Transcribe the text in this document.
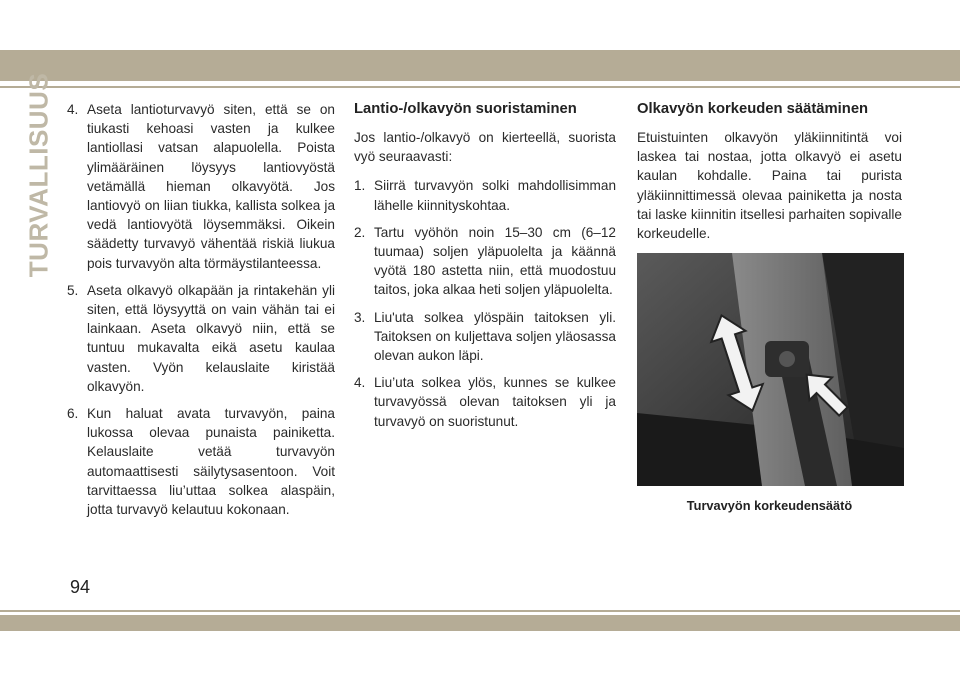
TURVALLISUUS 4. Aseta lantioturvavyö siten, että se on tiukasti kehoasi vasten ja kulkee lantiollasi vatsan alapuolella. Poista ylimääräinen löysyys lantiovyöstä vetämällä hieman olkavyötä. Jos lantiovyö on liian tiukka, kallista solkea ja vedä lantiovyötä löysemmäksi. Oikein säädetty turvavyö vähentää riskiä liukua pois turvavyön alta törmäystilanteessa.
5. Aseta olkavyö olkapään ja rintakehän yli siten, että löysyyttä on vain vähän tai ei lainkaan. Aseta olkavyö niin, että se tuntuu mukavalta eikä asetu kaulaa vasten. Vyön kelauslaite kiristää olkavyön.
6. Kun haluat avata turvavyön, paina lukossa olevaa punaista painiketta. Kelauslaite vetää turvavyön automaattisesti säilytysasentoon. Voit tarvittaessa liu’uttaa solkea alaspäin, jotta turvavyö kelautuu kokonaan.
Lantio-/olkavyön suoristaminen

Jos lantio-/olkavyö on kierteellä, suorista vyö seuraavasti:

1. Siirrä turvavyön solki mahdollisimman lähelle kiinnityskohtaa.
2. Tartu vyöhön noin 15–30 cm (6–12 tuumaa) soljen yläpuolelta ja käännä vyötä 180 astetta niin, että muodostuu taitos, joka alkaa heti soljen yläpuolelta.
3. Liu'uta solkea ylöspäin taitoksen yli. Taitoksen on kuljettava soljen yläosassa olevan aukon läpi.
4. Liu’uta solkea ylös, kunnes se kulkee turvavyössä olevan taitoksen yli ja turvavyö on suoristunut.
Olkavyön korkeuden säätäminen

Etuistuinten olkavyön yläkiinnitintä voi laskea tai nostaa, jotta olkavyö ei asetu kaulan kohdalle. Paina tai purista yläkiinnittimessä olevaa painiketta ja nosta tai laske kiinnitin itsellesi parhaiten sopivalle korkeudelle.

Turvavyön korkeudensäätö
94
